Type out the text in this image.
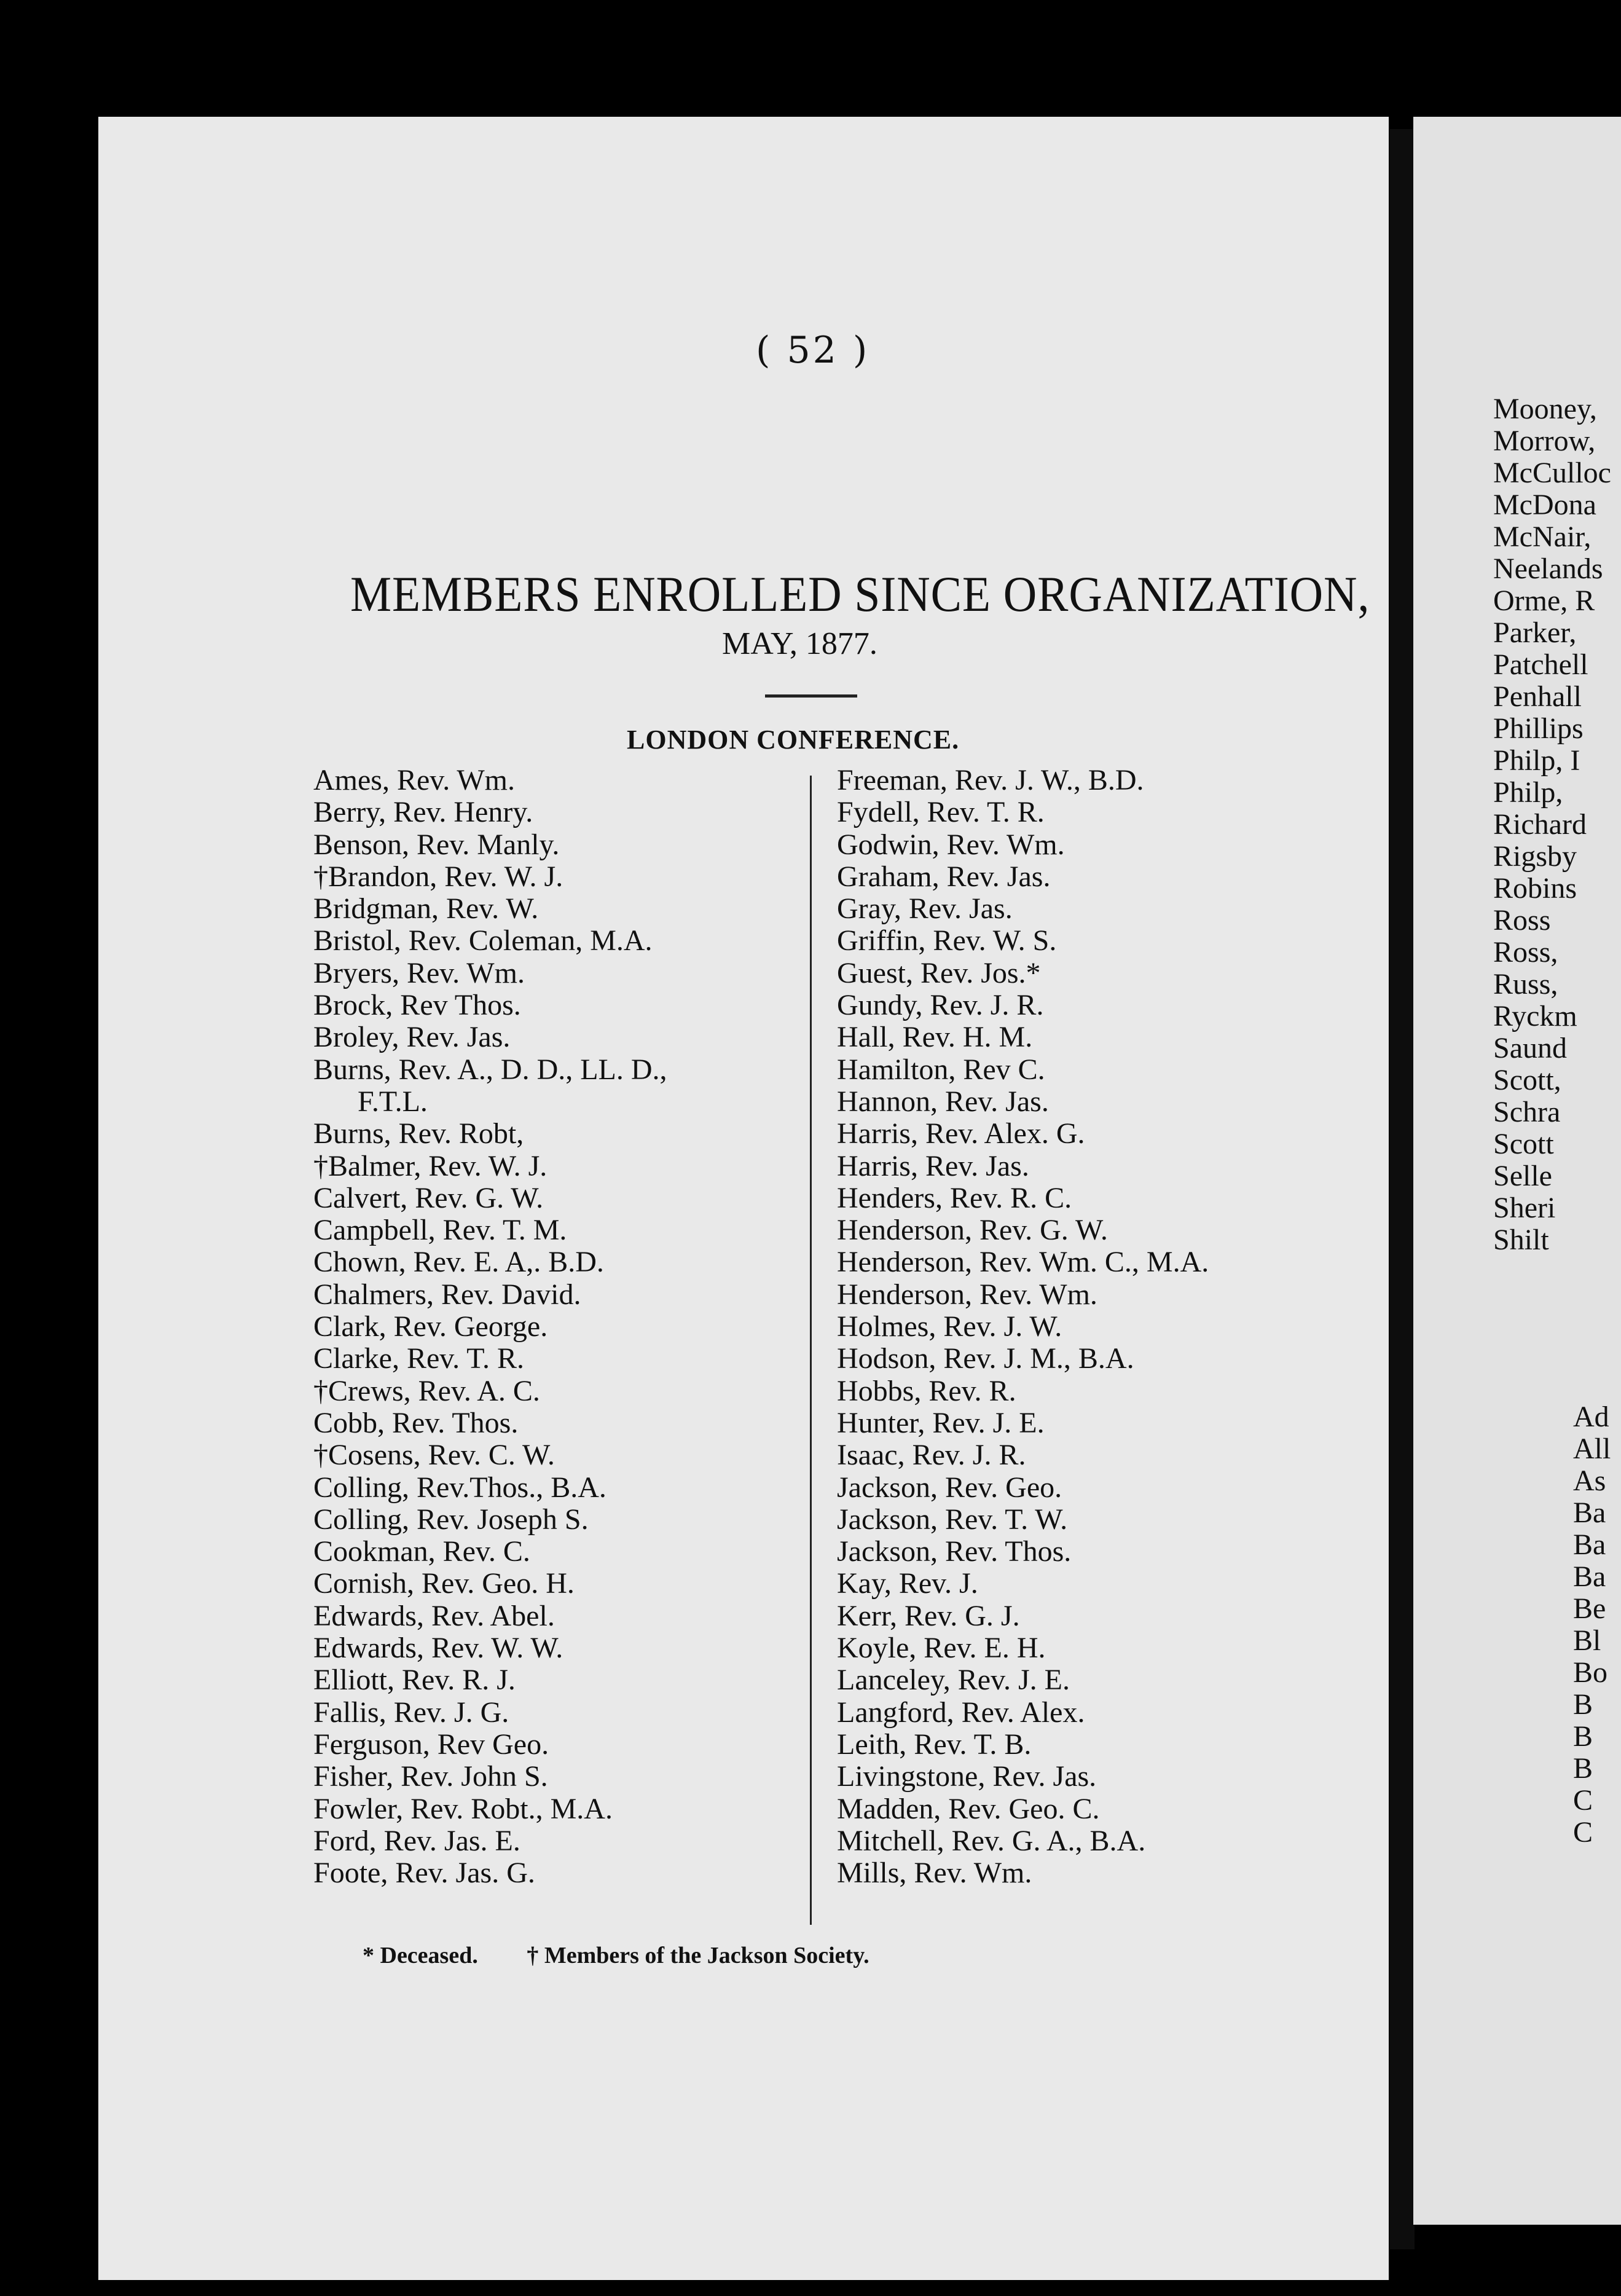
( 52 )
MEMBERS ENROLLED SINCE ORGANIZATION,
MAY, 1877.
LONDON CONFERENCE.
Ames, Rev. Wm.
Berry, Rev. Henry.
Benson, Rev. Manly.
†Brandon, Rev. W. J.
Bridgman, Rev. W.
Bristol, Rev. Coleman, M.A.
Bryers, Rev. Wm.
Brock, Rev Thos.
Broley, Rev. Jas.
Burns, Rev. A., D. D., LL. D.,
F.T.L.
Burns, Rev. Robt,
†Balmer, Rev. W. J.
Calvert, Rev. G. W.
Campbell, Rev. T. M.
Chown, Rev. E. A,. B.D.
Chalmers, Rev. David.
Clark, Rev. George.
Clarke, Rev. T. R.
†Crews, Rev. A. C.
Cobb, Rev. Thos.
†Cosens, Rev. C. W.
Colling, Rev.Thos., B.A.
Colling, Rev. Joseph S.
Cookman, Rev. C.
Cornish, Rev. Geo. H.
Edwards, Rev. Abel.
Edwards, Rev. W. W.
Elliott, Rev. R. J.
Fallis, Rev. J. G.
Ferguson, Rev Geo.
Fisher, Rev. John S.
Fowler, Rev. Robt., M.A.
Ford, Rev. Jas. E.
Foote, Rev. Jas. G.
Freeman, Rev. J. W., B.D.
Fydell, Rev. T. R.
Godwin, Rev. Wm.
Graham, Rev. Jas.
Gray, Rev. Jas.
Griffin, Rev. W. S.
Guest, Rev. Jos.*
Gundy, Rev. J. R.
Hall, Rev. H. M.
Hamilton, Rev C.
Hannon, Rev. Jas.
Harris, Rev. Alex. G.
Harris, Rev. Jas.
Henders, Rev. R. C.
Henderson, Rev. G. W.
Henderson, Rev. Wm. C., M.A.
Henderson, Rev. Wm.
Holmes, Rev. J. W.
Hodson, Rev. J. M., B.A.
Hobbs, Rev. R.
Hunter, Rev. J. E.
Isaac, Rev. J. R.
Jackson, Rev. Geo.
Jackson, Rev. T. W.
Jackson, Rev. Thos.
Kay, Rev. J.
Kerr, Rev. G. J.
Koyle, Rev. E. H.
Lanceley, Rev. J. E.
Langford, Rev. Alex.
Leith, Rev. T. B.
Livingstone, Rev. Jas.
Madden, Rev. Geo. C.
Mitchell, Rev. G. A., B.A.
Mills, Rev. Wm.
* Deceased. † Members of the Jackson Society.
Mooney,
Morrow,
McCulloc
McDona
McNair,
Neelands
Orme, R
Parker,
Patchell
Penhall
Phillips
Philp, I
Philp,
Richard
Rigsby
Robins
Ross
Ross,
Russ,
Ryckm
Saund
Scott,
Schra
Scott
Selle
Sheri
Shilt
Ad
All
As
Ba
Ba
Ba
Be
Bl
Bo
B
B
B
C
C
